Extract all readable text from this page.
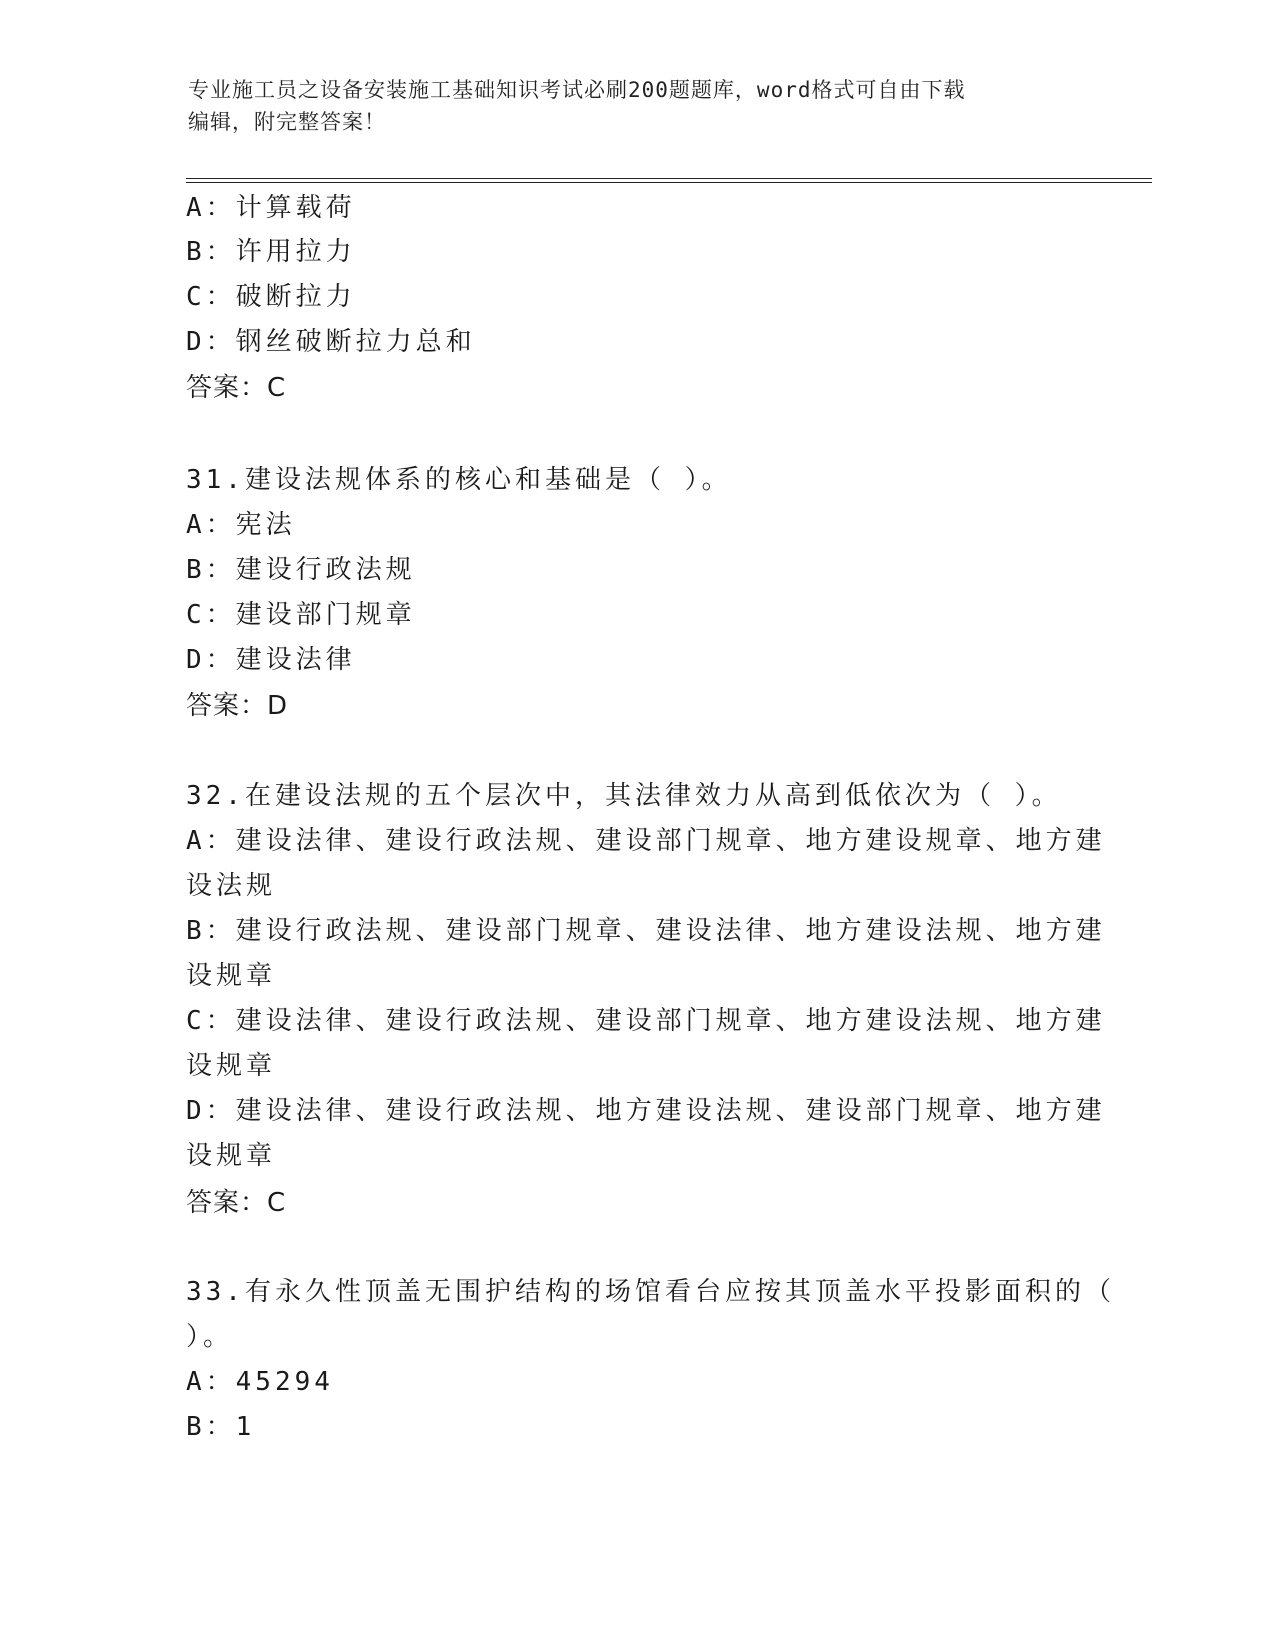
专业施工员之设备安装施工基础知识考试必刷200题题库，word格式可自由下载
编辑，附完整答案！
A：计算载荷
B：许用拉力
C：破断拉力
D：钢丝破断拉力总和
答案：C
31.建设法规体系的核心和基础是（ ）。
A：宪法
B：建设行政法规
C：建设部门规章
D：建设法律
答案：D
32.在建设法规的五个层次中，其法律效力从高到低依次为（ ）。
A：建设法律、建设行政法规、建设部门规章、地方建设规章、地方建
设法规
B：建设行政法规、建设部门规章、建设法律、地方建设法规、地方建
设规章
C：建设法律、建设行政法规、建设部门规章、地方建设法规、地方建
设规章
D：建设法律、建设行政法规、地方建设法规、建设部门规章、地方建
设规章
答案：C
33.有永久性顶盖无围护结构的场馆看台应按其顶盖水平投影面积的（
）。
A：45294
B：1
